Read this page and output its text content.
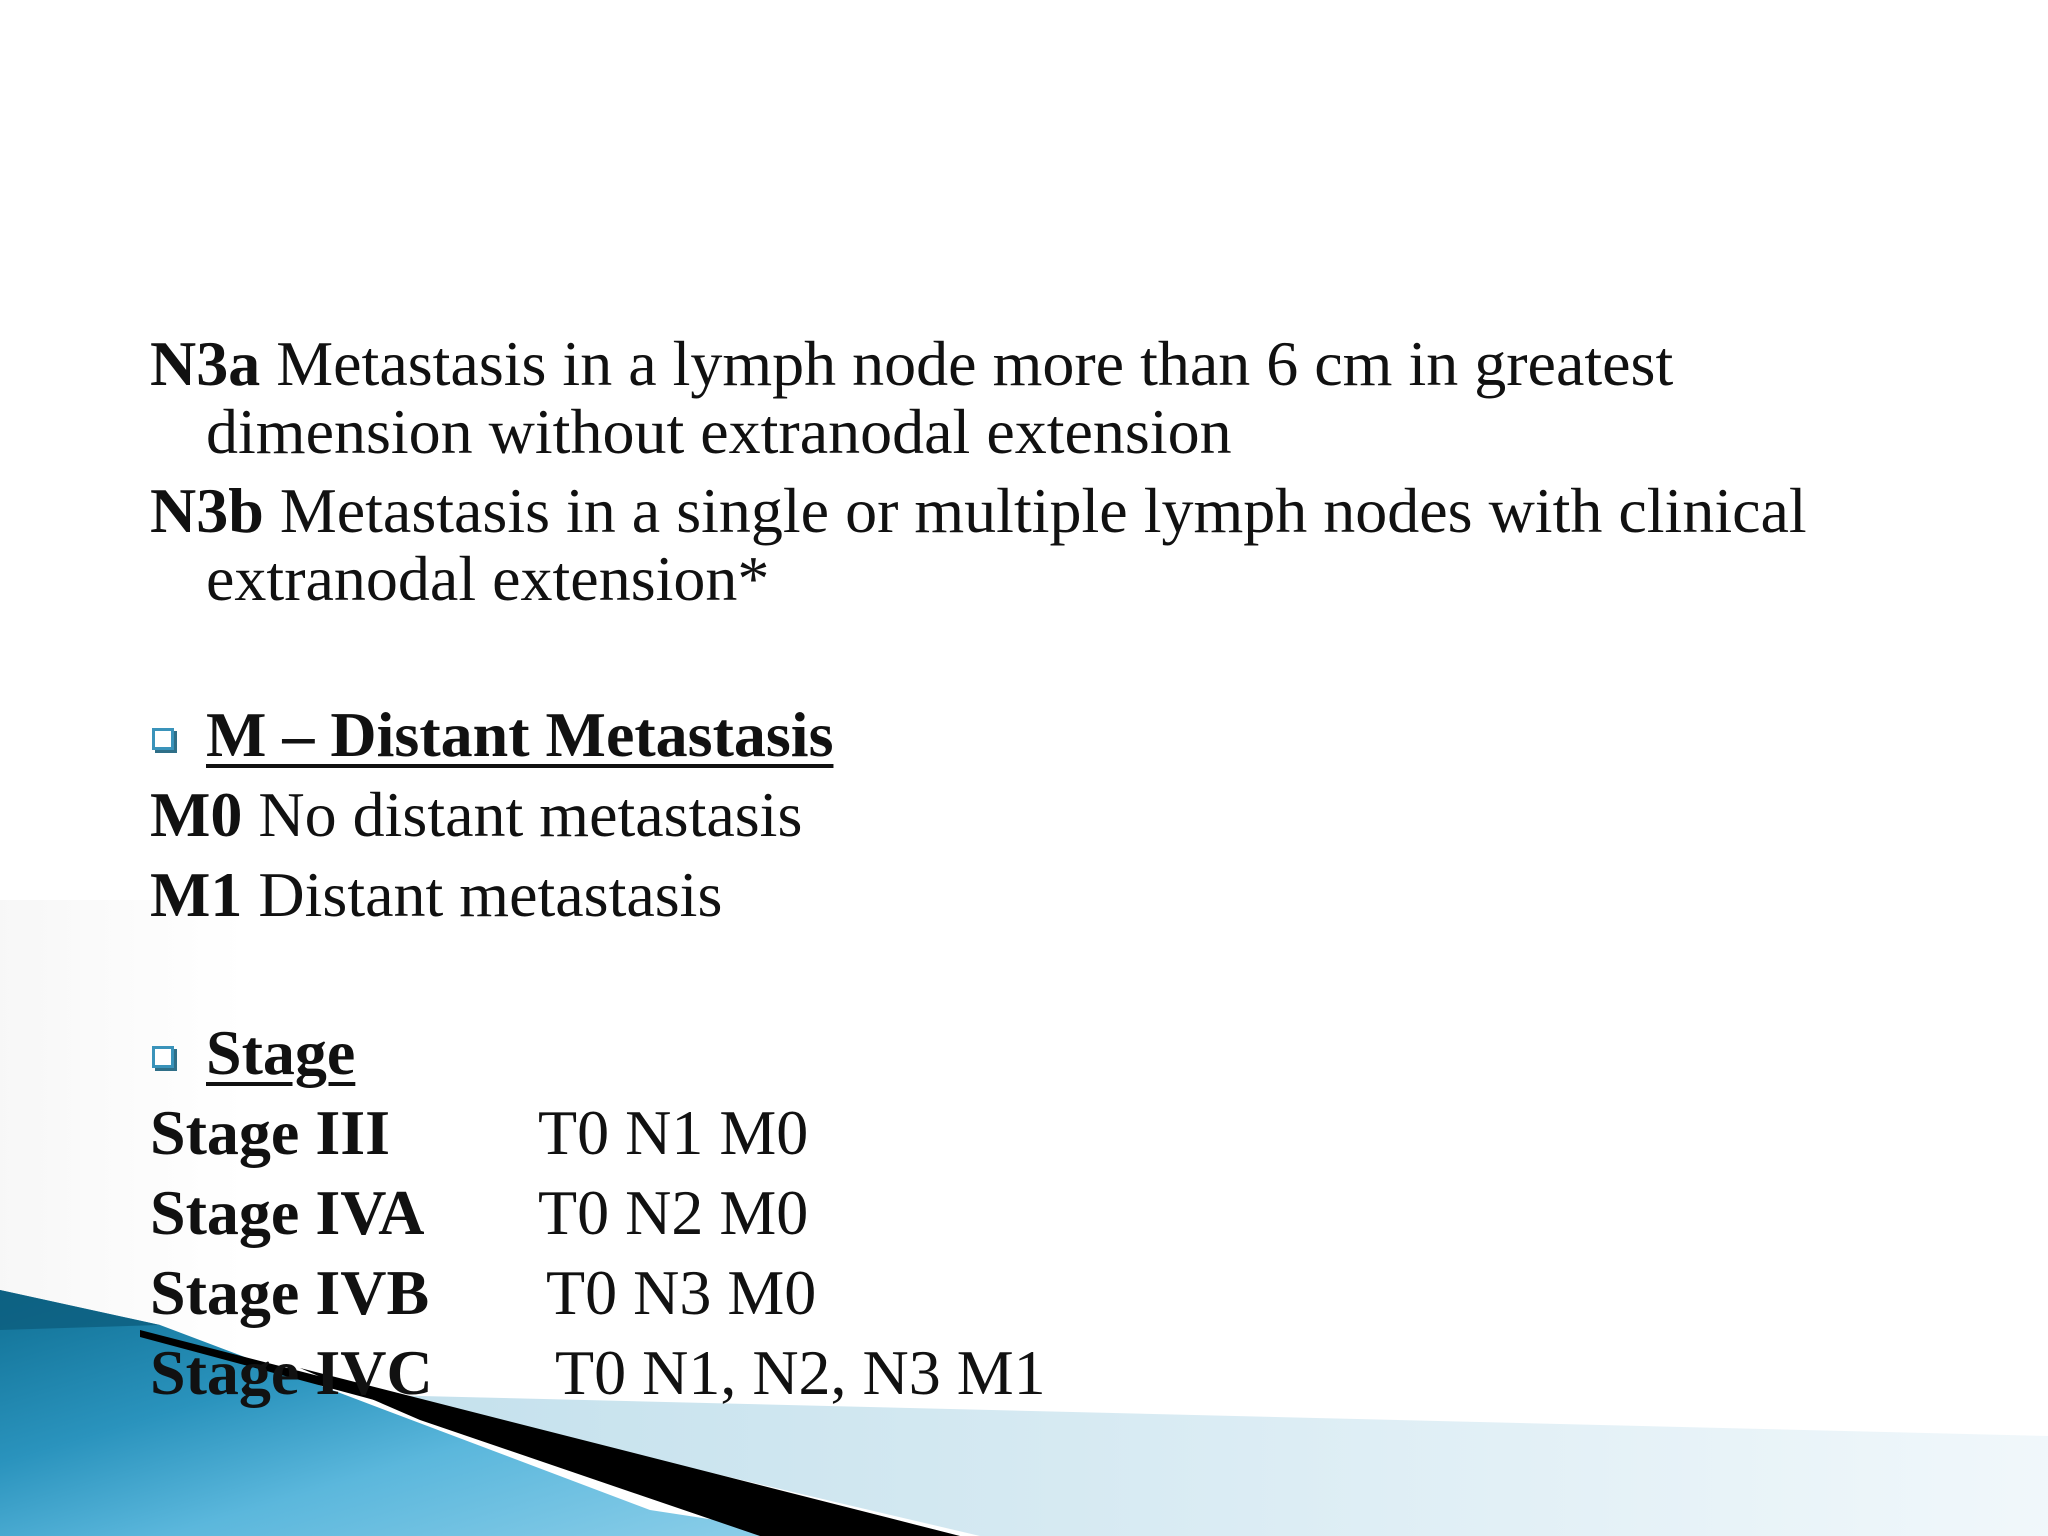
N3a Metastasis in a lymph node more than 6 cm in greatest dimension without extranodal extension
N3b Metastasis in a single or multiple lymph nodes with clinical extranodal extension*
M – Distant Metastasis
M0 No distant metastasis
M1 Distant metastasis
Stage
Stage III	T0 N1 M0
Stage IVA	T0 N2 M0
Stage IVB	T0 N3 M0
Stage IVC	T0 N1, N2, N3 M1
